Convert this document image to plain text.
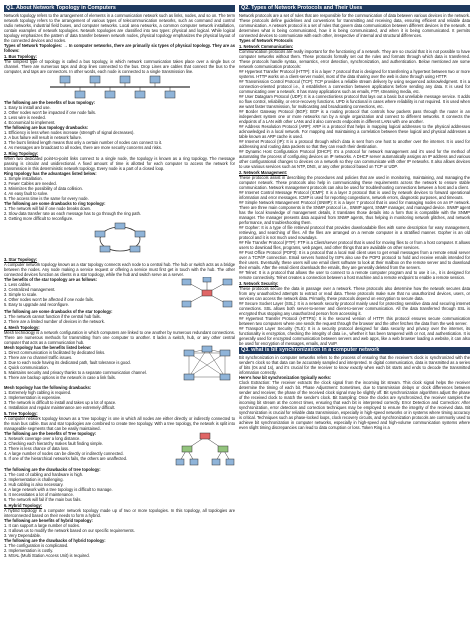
Q1. About Network Topology in Computers

Network topology refers to the arrangement of elements in a communication network such as links, nodes, and so on. The term network topology refers to the arrangement of various types of telecommunication networks, such as command and control radio networks, industrial field buses, and computer networks. Local area networks, a common computer network installation, contain examples of network topologies. Network topologies are classified into two types: physical and logical. While logical topology emphasizes the pattern of data transfer between network nodes, physical topology emphasizes the physical layout of the connected devices and nodes.

Types of Network Topologies: → In computer networks, there are primarily six types of physical topology. They are as follows:

1. Bus Topology:

The simplest type of topology is called a bus topology, in which network communication takes place over a single bus or channel. There are numerous taps and drop lines connected to the bus. Drop Lines are cables that connect the bus to the computer, and taps are connectors. In other words, each node is connected to a single transmission line.

The following are the benefits of bus topology:

1. Easy to install and use.

2. Other nodes won't be impacted if one node fails.

3. Less wire is needed.

4. Economical to implement.

The following are bus topology drawbacks:

1. Efficiency is less when nodes increase (strength of signal decreases).

2. A bus failure will result in network failure.

3. The bus's limited length means that only a certain number of nodes can connect to it.

4. As messages are broadcast to all nodes, there are more security concerns and risks.

2. Ring Topology:

When two dedicated point-to-point links connect to a single node, the topology is known as a ring topology. The message passing is circular and unidirectional. A fixed amount of time is allotted for each computer to access the network for transmission in this deterministic network topology. Every node is a part of a closed loop.

Ring topology has the advantages listed below:

1. Simple installation.

2. Fewer Cables are needed.

3. Minimizes the possibility of data collision.

4. An easy fault to solve.

5. The access time is the same for every node.

The following are some drawbacks to ring topology:

1. The network will fail if one node breaks down.

2. Slow data transfer rate as each message has to go through the ring path.

3. Getting more difficult to reconfigure.

3. Star Topology:

A computer network topology known as a star topology connects each node to a central hub. The hub or switch acts as a bridge between the nodes. Any node making a service request or offering a service must first get in touch with the hub. The other connected devices function as clients in a star topology, while the hub and switch serve as a server.

The benefits of the star topology are as follows:

1. Less cables.

2. Centralized management.

3. Simple to scale.

4. Other nodes won't be affected if one node fails.

5. Easy to upgrade and reconfigure.

The following are some drawbacks of the star topology:

1. The network cannot function if the central hub fails.

2. There are a limited number of devices in the network.

4. Mesh Topology:

Mesh technology is a network configuration in which computers are linked to one another by numerous redundant connections. There are numerous methods for transmitting from one computer to another. It lacks a switch, hub, or any other central computer that acts as a communication hub.

Mesh topology has the benefits listed below:

1. Direct communication is facilitated by dedicated links.

2. There are no channel traffic issues.

3. Due to each node having its dedicated path, fault tolerance is good.

4. Quick communication.

5. Maintains security and privacy thanks to a separate communication channel.

6. There are backup options in the network in case a link fails.

Mesh topology has the following drawbacks:

1. Extremely high cabling is required.

2. Implementation is expensive.

3. The network is difficult to install and takes up a lot of space.

4. Installation and regular maintenance are extremely difficult.

5. Tree Topology:

A computer network topology known as a 'tree topology' is one in which all nodes are either directly or indirectly connected to the main bus cable. Bus and star topologies are combined to create tree topology. With a tree topology, the network is split into manageable segments that can be easily maintained.

The following are the benefits of Tree topology:

1. Network coverage over a long distance.

2. Checking each hierarchy makes fault finding simple.

3. There is less chance of data loss.

4. A large number of nodes can be directly or indirectly connected.

5. If one of the hierarchical networks fails, the others are unaffected.

The following are the drawbacks of tree topology:

1. The cost of cabling and hardware is high.

2. Implementation is challenging.

3. Hub cabling is also necessary.

4. A large network with a tree topology is difficult to manage.

5. It necessitates a lot of maintenance.

6. The network will fail if the main bus fails.

6. Hybrid Topology:

A hybrid topology is a computer network topology made up of two or more topologies. In this topology, all topologies are interconnected based on their needs to form a hybrid.

The following are benefits of hybrid topology:

1. It can support a large number of nodes.

2. It allows us to modify the network based on our specific requirements.

3. Very Dependable.

The following are the drawbacks of hybrid topology:

1. The configuration is complicated.

2. Implementation is costly.

3. MSAL (Multi Station Access Unit) is required.

Q2. Types of Network Protocols and Their Uses

Network protocols are a set of rules that are responsible for the communication of data between various devices in the network. These protocols define guidelines and conventions for transmitting and receiving data, ensuring efficient and reliable data communication. A network protocol is a set of rules that govern data communication between different devices in the network. It determines what is being communicated, how it is being communicated, and when it is being communicated. It permits connected devices to communicate with each other, irrespective of internal and structural differences.

Types of Network Protocols

1. Network Communication:

Communication protocols are really important for the functioning of a network. They are so crucial that it is not possible to have computer networks without them. These protocols formally set out the rules and formats through which data is transferred. These protocols handle syntax, semantics, error detection, synchronization, and authentication. Below mentioned are some network communication protocols:

## Hypertext Transfer Protocol (HTTP): It is a layer 7 protocol that is designed for transferring a hypertext between two or more systems. HTTP works on a client-server model, most of the data sharing over the web is done through using HTTP.

## Transmission Control Protocol (TCP): TCP provides a reliable stream delivery by using sequenced acknowledgment. It is a connection-oriented protocol i.e., it establishes a connection between applications before sending any data. It is used for communicating over a network. It has many applications such as emails, FTP, streaming media, etc.

## User Datagram Protocol (UDP): It is a connectionless protocol that lays out a basic but unreliable message service. It adds no flow control, reliability, or error-recovery functions. UPD is functional in cases where reliability is not required. It is used when we want faster transmission, for multicasting and broadcasting connections, etc.

## Border Gateway Protocol (BGP): BGP is a routing protocol that controls how packets pass through the router in an independent system one or more networks run by a single organization and connect to different networks. It connects the endpoints of a LAN with other LANs and it also connects endpoints in different LANs with one another.

## Address Resolution Protocol (ARP): ARP is a protocol that helps in mapping logical addresses to the physical addresses acknowledged in a local network. For mapping and maintaining a correlation between these logical and physical addresses a table known as ARP cache is used.

## Internet Protocol (IP): It is a protocol through which data is sent from one host to another over the internet. It is used for addressing and routing data packets so that they can reach their destination.

## Dynamic Host Configuration Protocol (DHCP): It's a protocol for network management and it's used for the method of automating the process of configuring devices on IP networks. A DHCP server automatically assigns an IP address and various other configurational changes to devices on a network so they can communicate with other IP networks. It also allows devices to use various services such as NTP, DNS, or any other protocol based on TCP or UDP.

2. Network Management:

These protocols assist in describing the procedures and policies that are used in monitoring, maintaining, and managing the computer network. These protocols also help in communicating these requirements across the network to ensure stable communication. Network management protocols can also be used for troubleshooting connections between a host and a client.

## Internet Control Message Protocol (ICMP): It is a layer 3 protocol that is used by network devices to forward operational information and error messages. ICMP is used for reporting congestions, network errors, diagnostic purposes, and timeouts.

## Simple Network Management Protocol (SNMP): It is a layer 7 protocol that is used for managing nodes on an IP network. There are three main components in the SNMP protocol i.e., SNMP agent, SNMP manager, and managed device. SNMP agent has the local knowledge of management details, it translates those details into a form that is compatible with the SNMP manager. The manager presents data acquired from SNMP agents, thus helping in monitoring network glitches, and network performance, and troubleshooting them.

## Gopher: It is a type of file retrieval protocol that provides downloadable files with some description for easy management, retrieving, and searching of files. All the files are arranged on a remote computer in a stratified manner. Gopher is an old protocol and it is not much used nowadays.

## File Transfer Protocol (FTP): FTP is a Client/server protocol that is used for moving files to or from a host computer. It allows users to download files, programs, web pages, and other things that are available on other services.

## Post Office Protocol (POP3): It is a protocol that a local mail client uses to get email messages from a remote email server over a TCP/IP connection. Email servers hosted by ISPs also use the POP3 protocol to hold and receive emails intended for their users. Eventually, these users will use email client software to look at their mailbox on the remote server and to download their emails. After the email client downloads the emails, they are generally deleted from the servers.

## Telnet: It is a protocol that allows the user to connect to a remote computer program and to use it i.e., it is designed for remote connectivity. Telnet creates a connection between a host machine and a remote endpoint to enable a remote session.

3. Network Security:

These protocols secure the data in passage over a network. These protocols also determine how the network secures data from any unauthorized attempts to extract or read data. These protocols make sure that no unauthorized devices, users, or services can access the network data. Primarily, these protocols depend on encryption to secure data.

## Secure Socket Layer (SSL): It is a network security protocol mainly used for protecting sensitive data and securing internet connections. SSL allows both server-to-server and client-to-server communication. All the data transferred through SSL is encrypted thus stopping any unauthorized person from accessing it.

## Hypertext Transfer Protocol (HTTPS): It is the secured version of HTTP. this protocol ensures secure communication between two computers where one sends the request through the browser and the other fetches the data from the web server.

## Transport Layer Security (TLS): It is a security protocol designed for data security and privacy over the internet, its functionality is encryption, checking the integrity of data i.e., whether it has been tampered with or not, and authentication. It is generally used for encrypted communication between servers and web apps, like a web browser loading a website, it can also be used for encryption of messages, emails, and VoIP.

Q3. what is bit synchronization in a computer network

Bit synchronization in computer networks refers to the process of ensuring that the receiver's clock is synchronized with the sender's clock so that data can be accurately sampled and interpreted. In digital communication, data is transmitted as a series of bits (0s and 1s), and it's crucial for the receiver to know exactly when each bit starts and ends to decode the transmitted information correctly.

Here's how bit synchronization typically works:

Clock Extraction: The receiver extracts the clock signal from the incoming bit stream. This clock signal helps the receiver determine the timing of each bit. Phase Adjustment: Sometimes, due to transmission delays or clock differences between sender and receiver, the phase of the received clock signal may be slightly off. Bit synchronization algorithms adjust the phase of the received clock to match the sender's clock. Bit Sampling: Once the clocks are synchronized, the receiver samples the incoming bit stream at the correct times, ensuring that each bit is interpreted correctly. Error Detection and Correction: After synchronization, error detection and correction techniques may be employed to ensure the integrity of the received data. Bit synchronization is crucial for reliable data transmission, especially in high-speed networks or in systems where timing accuracy is critical. Techniques such as phase-locked loops, clock recovery circuits, and synchronization protocols are commonly used to achieve bit synchronization in computer networks, especially in high-speed and high-volume communication systems where even slight timing discrepancies can lead to data corruption or loss. Token Ring is a
